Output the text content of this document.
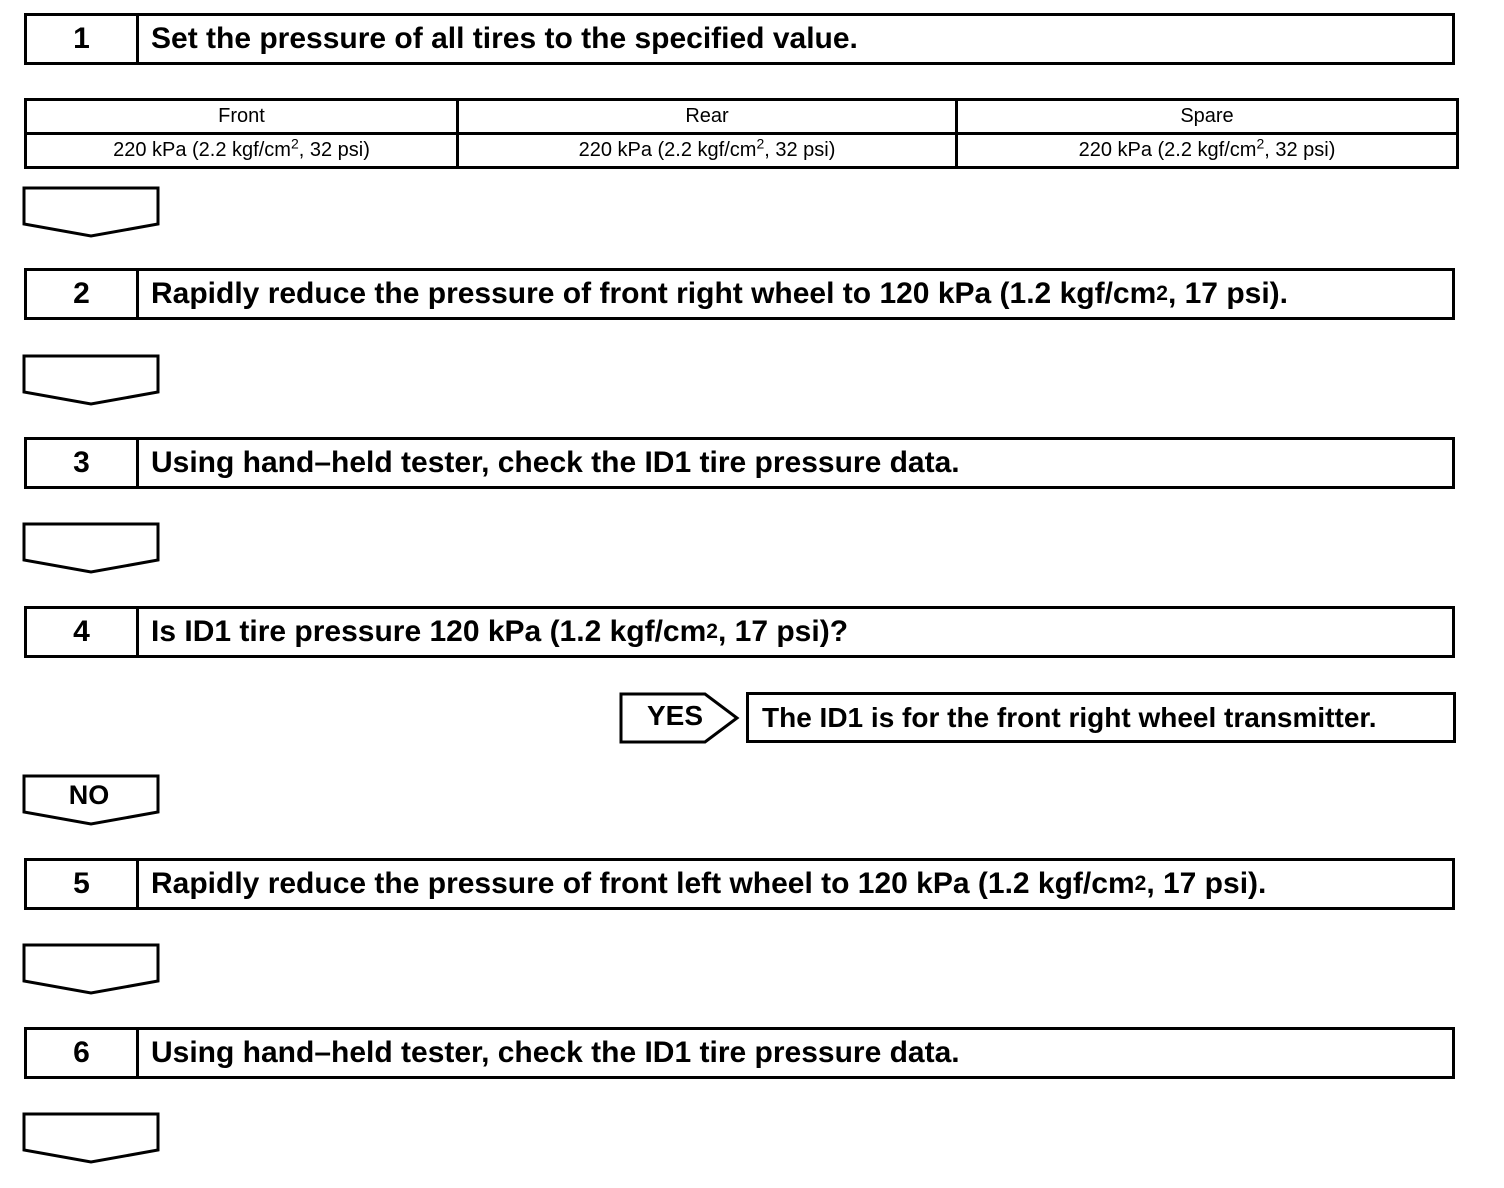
1	Set the pressure of all tires to the specified value.
Front	Rear	Spare
220 kPa (2.2 kgf/$cm^2$, 32 psi)	220 kPa (2.2 kgf/$cm^2$, 32 psi)	220 kPa (2.2 kgf/$cm^2$, 32 psi)
2	Rapidly reduce the pressure of front right wheel to 120 kPa (1.2 kgf/cm 2 , 17 psi).
3	Using hand–held tester, check the ID1 tire pressure data.
4	Is ID1 tire pressure 120 kPa (1.2 kgf/cm 2 , 17 psi)?
YES	The ID1 is for the front right wheel transmitter.
NO
5	Rapidly reduce the pressure of front left wheel to 120 kPa (1.2 kgf/cm 2 , 17 psi).
6	Using hand–held tester, check the ID1 tire pressure data.
